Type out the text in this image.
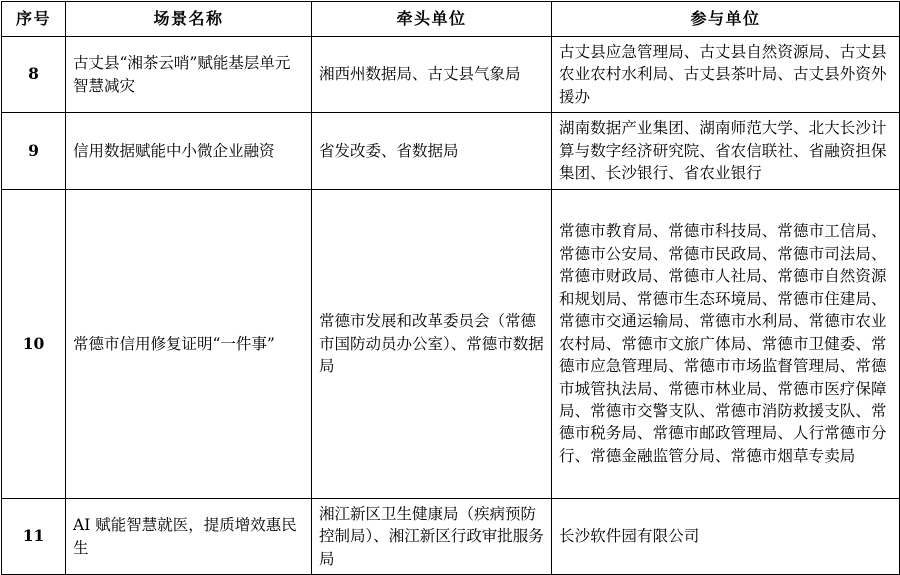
序号	场景名称	牵头单位	参与单位
8	古丈县“湘茶云哨”赋能基层单元智慧减灾	湘西州数据局、古丈县气象局	古丈县应急管理局、古丈县自然资源局、古丈县农业农村水利局、古丈县茶叶局、古丈县外资外援办
9	信用数据赋能中小微企业融资	省发改委、省数据局	湖南数据产业集团、湖南师范大学、北大长沙计算与数字经济研究院、省农信联社、省融资担保集团、长沙银行、省农业银行
10	常德市信用修复证明“一件事”	常德市发展和改革委员会（常德市国防动员办公室）、常德市数据局	常德市教育局、常德市科技局、常德市工信局、常德市公安局、常德市民政局、常德市司法局、常德市财政局、常德市人社局、常德市自然资源和规划局、常德市生态环境局、常德市住建局、常德市交通运输局、常德市水利局、常德市农业农村局、常德市文旅广体局、常德市卫健委、常德市应急管理局、常德市市场监督管理局、常德市城管执法局、常德市林业局、常德市医疗保障局、常德市交警支队、常德市消防救援支队、常德市税务局、常德市邮政管理局、人行常德市分行、常德金融监管分局、常德市烟草专卖局
11	AI 赋能智慧就医，提质增效惠民生	湘江新区卫生健康局（疾病预防控制局）、湘江新区行政审批服务局	长沙软件园有限公司
